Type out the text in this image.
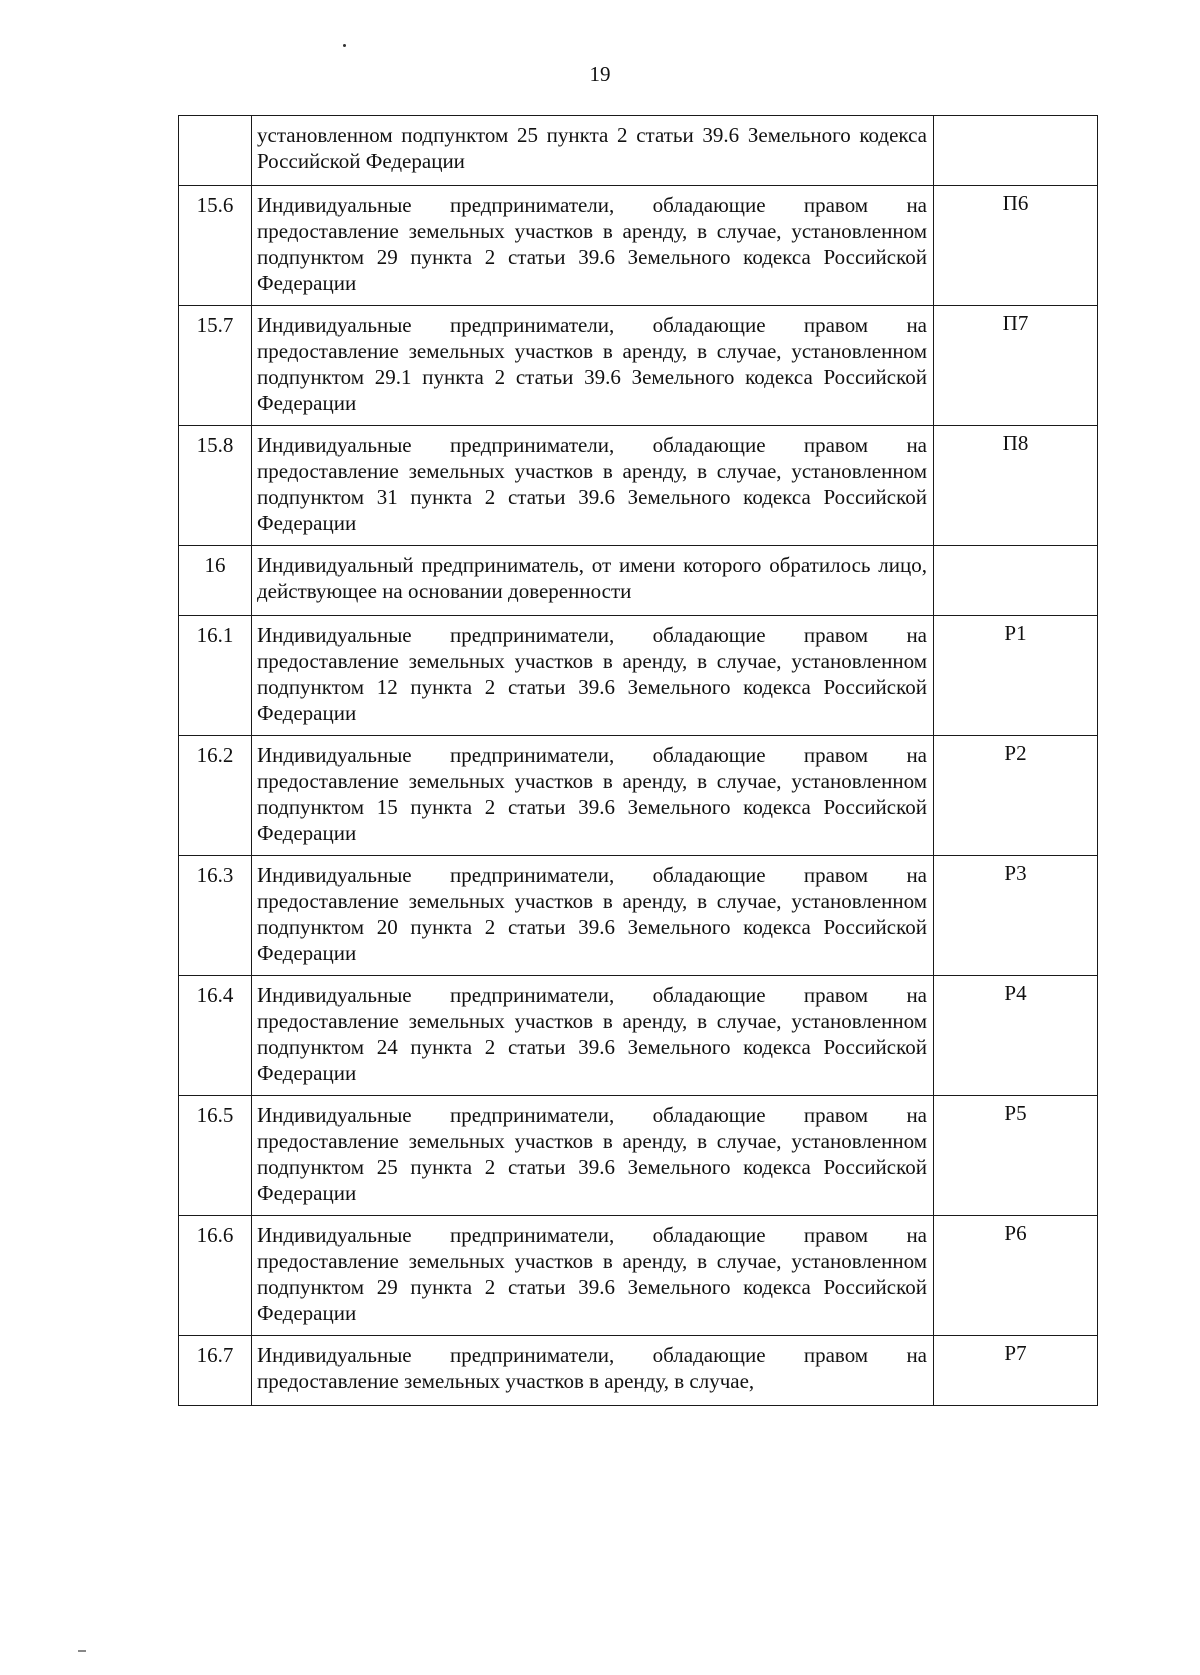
19
	установленном подпунктом 25 пункта 2 статьи 39.6 Земельного кодекса Российской Федерации	
15.6	Индивидуальные предприниматели, обладающие правом на предоставление земельных участков в аренду, в случае, установленном подпунктом 29 пункта 2 статьи 39.6 Земельного кодекса Российской Федерации	П6
15.7	Индивидуальные предприниматели, обладающие правом на предоставление земельных участков в аренду, в случае, установленном подпунктом 29.1 пункта 2 статьи 39.6 Земельного кодекса Российской Федерации	П7
15.8	Индивидуальные предприниматели, обладающие правом на предоставление земельных участков в аренду, в случае, установленном подпунктом 31 пункта 2 статьи 39.6 Земельного кодекса Российской Федерации	П8
16	Индивидуальный предприниматель, от имени которого обратилось лицо, действующее на основании доверенности	
16.1	Индивидуальные предприниматели, обладающие правом на предоставление земельных участков в аренду, в случае, установленном подпунктом 12 пункта 2 статьи 39.6 Земельного кодекса Российской Федерации	Р1
16.2	Индивидуальные предприниматели, обладающие правом на предоставление земельных участков в аренду, в случае, установленном подпунктом 15 пункта 2 статьи 39.6 Земельного кодекса Российской Федерации	Р2
16.3	Индивидуальные предприниматели, обладающие правом на предоставление земельных участков в аренду, в случае, установленном подпунктом 20 пункта 2 статьи 39.6 Земельного кодекса Российской Федерации	Р3
16.4	Индивидуальные предприниматели, обладающие правом на предоставление земельных участков в аренду, в случае, установленном подпунктом 24 пункта 2 статьи 39.6 Земельного кодекса Российской Федерации	Р4
16.5	Индивидуальные предприниматели, обладающие правом на предоставление земельных участков в аренду, в случае, установленном подпунктом 25 пункта 2 статьи 39.6 Земельного кодекса Российской Федерации	Р5
16.6	Индивидуальные предприниматели, обладающие правом на предоставление земельных участков в аренду, в случае, установленном подпунктом 29 пункта 2 статьи 39.6 Земельного кодекса Российской Федерации	Р6
16.7	Индивидуальные предприниматели, обладающие правом на предоставление земельных участков в аренду, в случае,	Р7
